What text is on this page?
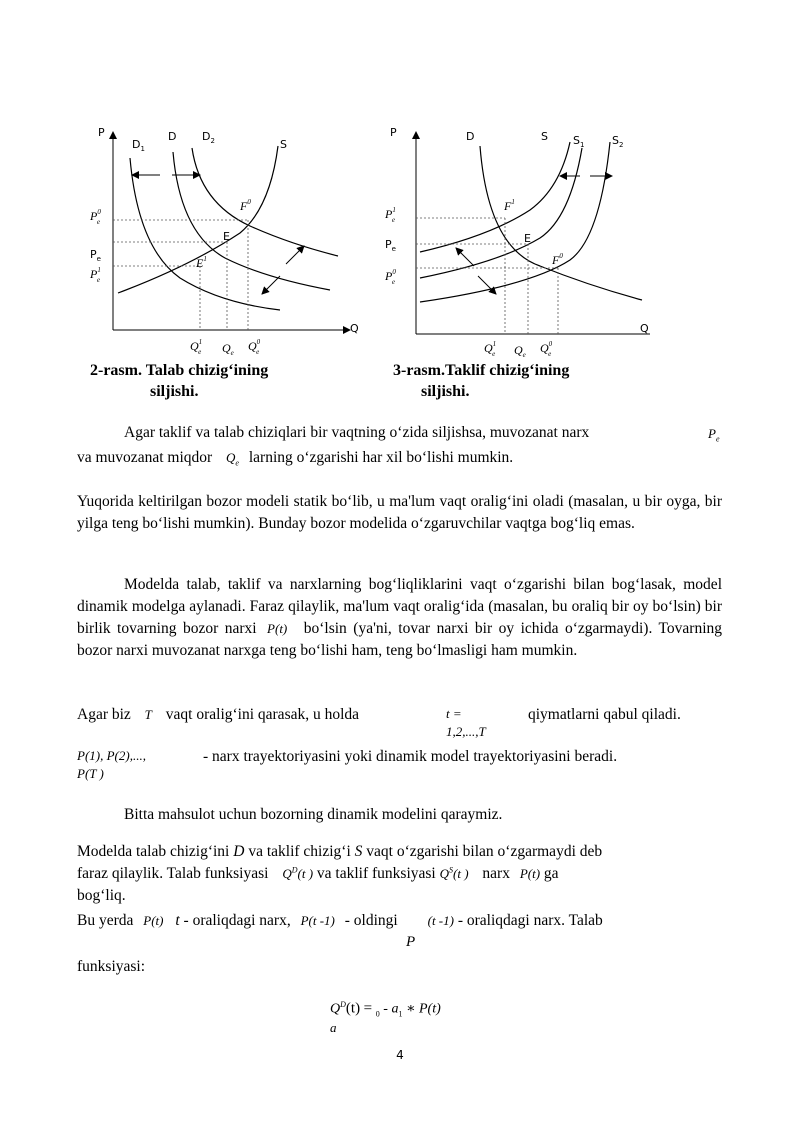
P
Q
$D_1$
D $D_2$	S
$P^0$ e
$P_e$
$P^1$ e
$F^0$
E
$E^1$
$Q^1$ e $Q_e$ $Q^0$ e
P
Q
D	S $S_1$	$S_2$
$P^1$ e
$P_e$
$P^0$ e
$F^1$
E
$F^0$
$Q^1$ e $Q_e$ $Q^0$ e
2-rasm. Talab chizig‘ining
siljishi.
3-rasm.Taklif chizig‘ining
siljishi.
Agar taklif va talab chiziqlari bir vaqtning o‘zida siljishsa, muvozanat narx	$P_e$
va muvozanat miqdor $Q_e$ larning o‘zgarishi har xil bo‘lishi mumkin.
Yuqorida keltirilgan bozor modeli statik bo‘lib, u ma'lum vaqt oralig‘ini oladi (masalan, u bir oyga, bir yilga teng bo‘lishi mumkin). Bunday bozor modelida o‘zgaruvchilar vaqtga bog‘liq emas.
Modelda talab, taklif va narxlarning bog‘liqliklarini vaqt o‘zgarishi bilan bog‘lasak, model dinamik modelga aylanadi. Faraz qilaylik, ma'lum vaqt oralig‘ida (masalan, bu oraliq bir oy bo‘lsin) bir birlik tovarning bozor narxi P(t) bo‘lsin (ya'ni, tovar narxi bir oy ichida o‘zgarmaydi). Tovarning bozor narxi muvozanat narxga teng bo‘lishi ham, teng bo‘lmasligi ham mumkin.
Agar biz T vaqt oralig‘ini qarasak, u holda	t =
1,2,...,T
qiymatlarni qabul qiladi.
P(1), P(2),...,
P(T )
- narx trayektoriyasini yoki dinamik model trayektoriyasini beradi.
Bitta mahsulot uchun bozorning dinamik modelini qaraymiz.
Modelda talab chizig‘ini D va taklif chizig‘i S vaqt o‘zgarishi bilan o‘zgarmaydi deb
faraz qilaylik. Talab funksiyasi $Q^D(t$ ) va taklif funksiyasi $Q^S(t$ ) narx P(t) ga
bog‘liq.
Bu yerda P(t) t - oraliqdagi narx, P(t -1) - oldingi (t -1) - oraliqdagi narx. Talab
P
funksiyasi:
$Q^D(t) = _0 - a_1$ ∗ P(t)
a
4
